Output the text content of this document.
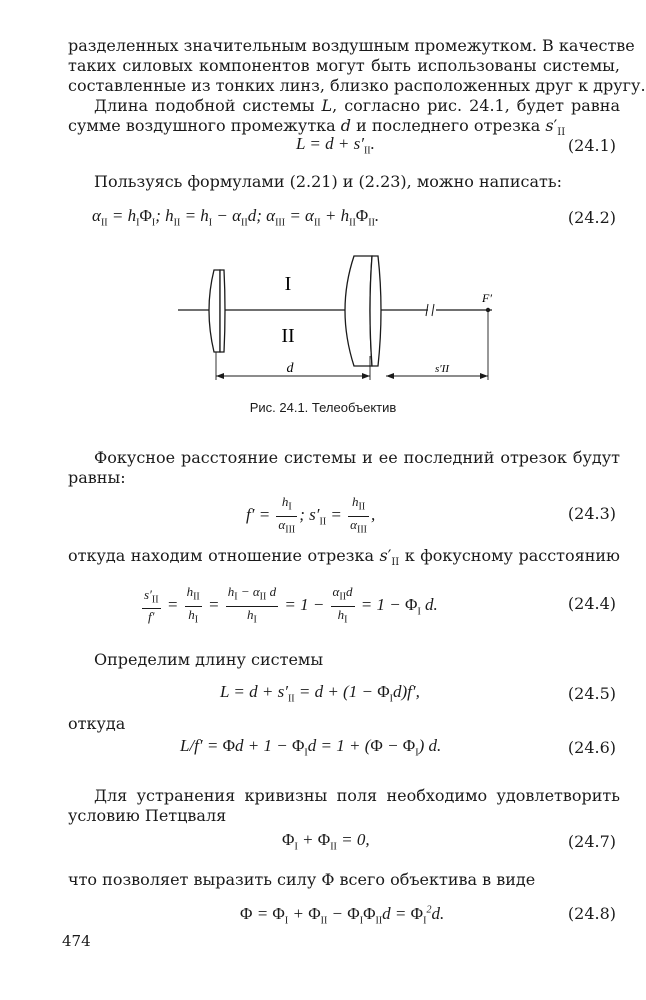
разделенных значительным воздушным промежутком. В качестве
таких силовых компонентов могут быть использованы системы,
составленные из тонких линз, близко расположенных друг к другу.
Длина подобной системы L, согласно рис. 24.1, будет равна
сумме воздушного промежутка d и последнего отрезка $s'_{II}$
$L = d + s'_{II}$.	(24.1)
Пользуясь формулами (2.21) и (2.23), можно написать:
$\alpha_{II} = h_I\Phi_I$; $h_{II} = h_I - \alpha_{II}d$; $\alpha_{III} = \alpha_{II} + h_{II}\Phi_{II}$.	(24.2)
I
II
F′
d	s′II
Рис. 24.1. Телеобъектив
Фокусное расстояние системы и ее последний отрезок будут
равны:
$f' = \frac{h_I}{\alpha_{III}}$ ; $s'_{II} = \frac{h_{II}}{\alpha_{III}}$ ,	(24.3)
откуда находим отношение отрезка $s'_{II}$ к фокусному расстоянию
$\frac{s'_{II}}{f'} = \frac{h_{II}}{h_I} = \frac{h_I - \alpha_{II} d}{h_I} = 1 - \frac{\alpha_{II}d}{h_I} = 1 - \Phi_I$ d.	(24.4)
Определим длину системы
$L = d + s'_{II} = d + (1 - \Phi_Id)f'$,	(24.5)
откуда
$L/f' = \Phi d + 1 - \Phi_Id = 1 + (\Phi - \Phi_I)$ d.	(24.6)
Для устранения кривизны поля необходимо удовлетворить
условию Петцваля
$\Phi_I + \Phi_{II} = 0$,	(24.7)
что позволяет выразить силу Φ всего объектива в виде
$\Phi = \Phi_I + \Phi_{II} - \Phi_I\Phi_{II}d = \Phi_I^2d$.	(24.8)
474
